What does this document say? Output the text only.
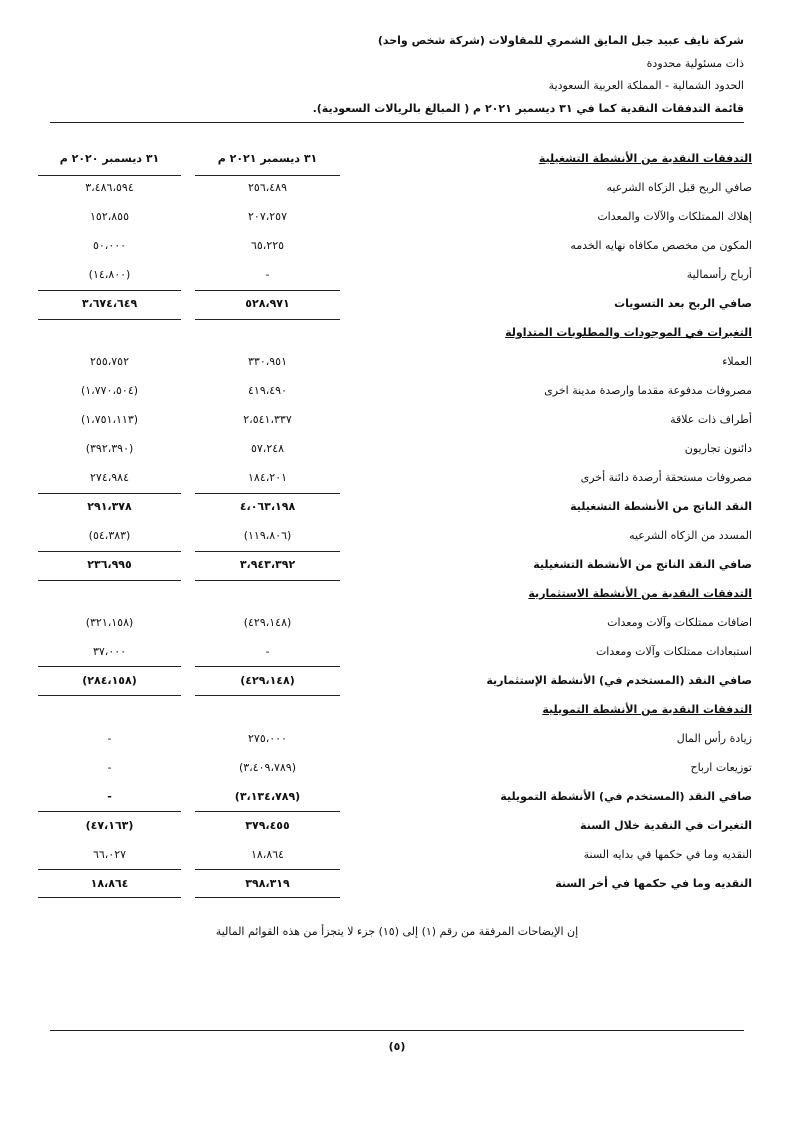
شركة نايف عبيد جبل المايق الشمري للمقاولات (شركة شخص واحد)
ذات مسئولية محدودة
الحدود الشمالية - المملكة العربية السعودية
قائمة التدفقات النقدية كما في ٣١ ديسمبر ٢٠٢١ م ( المبالغ بالريالات السعودية).
٣١ ديسمبر ٢٠٢١ م
٣١ ديسمبر ٢٠٢٠ م	التدفقات النقدية من الأنشطة التشغيلية
صافي الربح قبل الزكاه الشرعيه
٢٥٦،٤٨٩
٣،٤٨٦،٥٩٤
إهلاك الممتلكات والآلات والمعدات
٢٠٧،٢٥٧
١٥٢،٨٥٥
المكون من مخصص مكافاه نهايه الخدمه
٦٥،٢٢٥
٥٠،٠٠٠
أرباح رأسمالية
-
(١٤،٨٠٠)
صافي الربح بعد التسويات
٥٢٨،٩٧١
٣،٦٧٤،٦٤٩
التغيرات في الموجودات والمطلوبات المتداولة
العملاء
٣٣٠،٩٥١
٢٥٥،٧٥٢
مصروفات مدفوعة مقدما وارصدة مدينة اخرى
٤١٩،٤٩٠
(١،٧٧٠،٥٠٤)
أطراف ذات علاقة
٢،٥٤١،٣٣٧
(١،٧٥١،١١٣)
دائنون تجاريون
٥٧،٢٤٨
(٣٩٢،٣٩٠)
مصروفات مستحقة أرصدة دائنة أخرى
١٨٤،٢٠١
٢٧٤،٩٨٤
النقد الناتج من الأنشطة التشغيلية
٤،٠٦٣،١٩٨
٢٩١،٣٧٨
المسدد من الزكاه الشرعيه
(١١٩،٨٠٦)
(٥٤،٣٨٣)
صافي النقد الناتج من الأنشطة التشغيلية
٣،٩٤٣،٣٩٢
٢٣٦،٩٩٥
التدفقات النقدية من الأنشطة الاستثمارية
اضافات ممتلكات وآلات ومعدات
(٤٢٩،١٤٨)
(٣٢١،١٥٨)
استبعادات ممتلكات وآلات ومعدات
-
٣٧،٠٠٠
صافي النقد (المستخدم في) الأنشطة الإستثمارية
(٤٢٩،١٤٨)
(٢٨٤،١٥٨)
التدفقات النقدية من الأنشطة التمويلية
زيادة رأس المال
٢٧٥،٠٠٠
-
توزيعات ارباح
(٣،٤٠٩،٧٨٩)
-
صافي النقد (المستخدم في) الأنشطة التمويلية
(٣،١٣٤،٧٨٩)
-
التغيرات في النقدية خلال السنة
٣٧٩،٤٥٥
(٤٧،١٦٣)
النقديه وما في حكمها في بدايه السنة
١٨،٨٦٤
٦٦،٠٢٧
النقديه وما في حكمها في أخر السنة
٣٩٨،٣١٩
١٨،٨٦٤
إن الإيضاحات المرفقة من رقم (١) إلى (١٥) جزء لا يتجزأ من هذه القوائم المالية
(٥)
